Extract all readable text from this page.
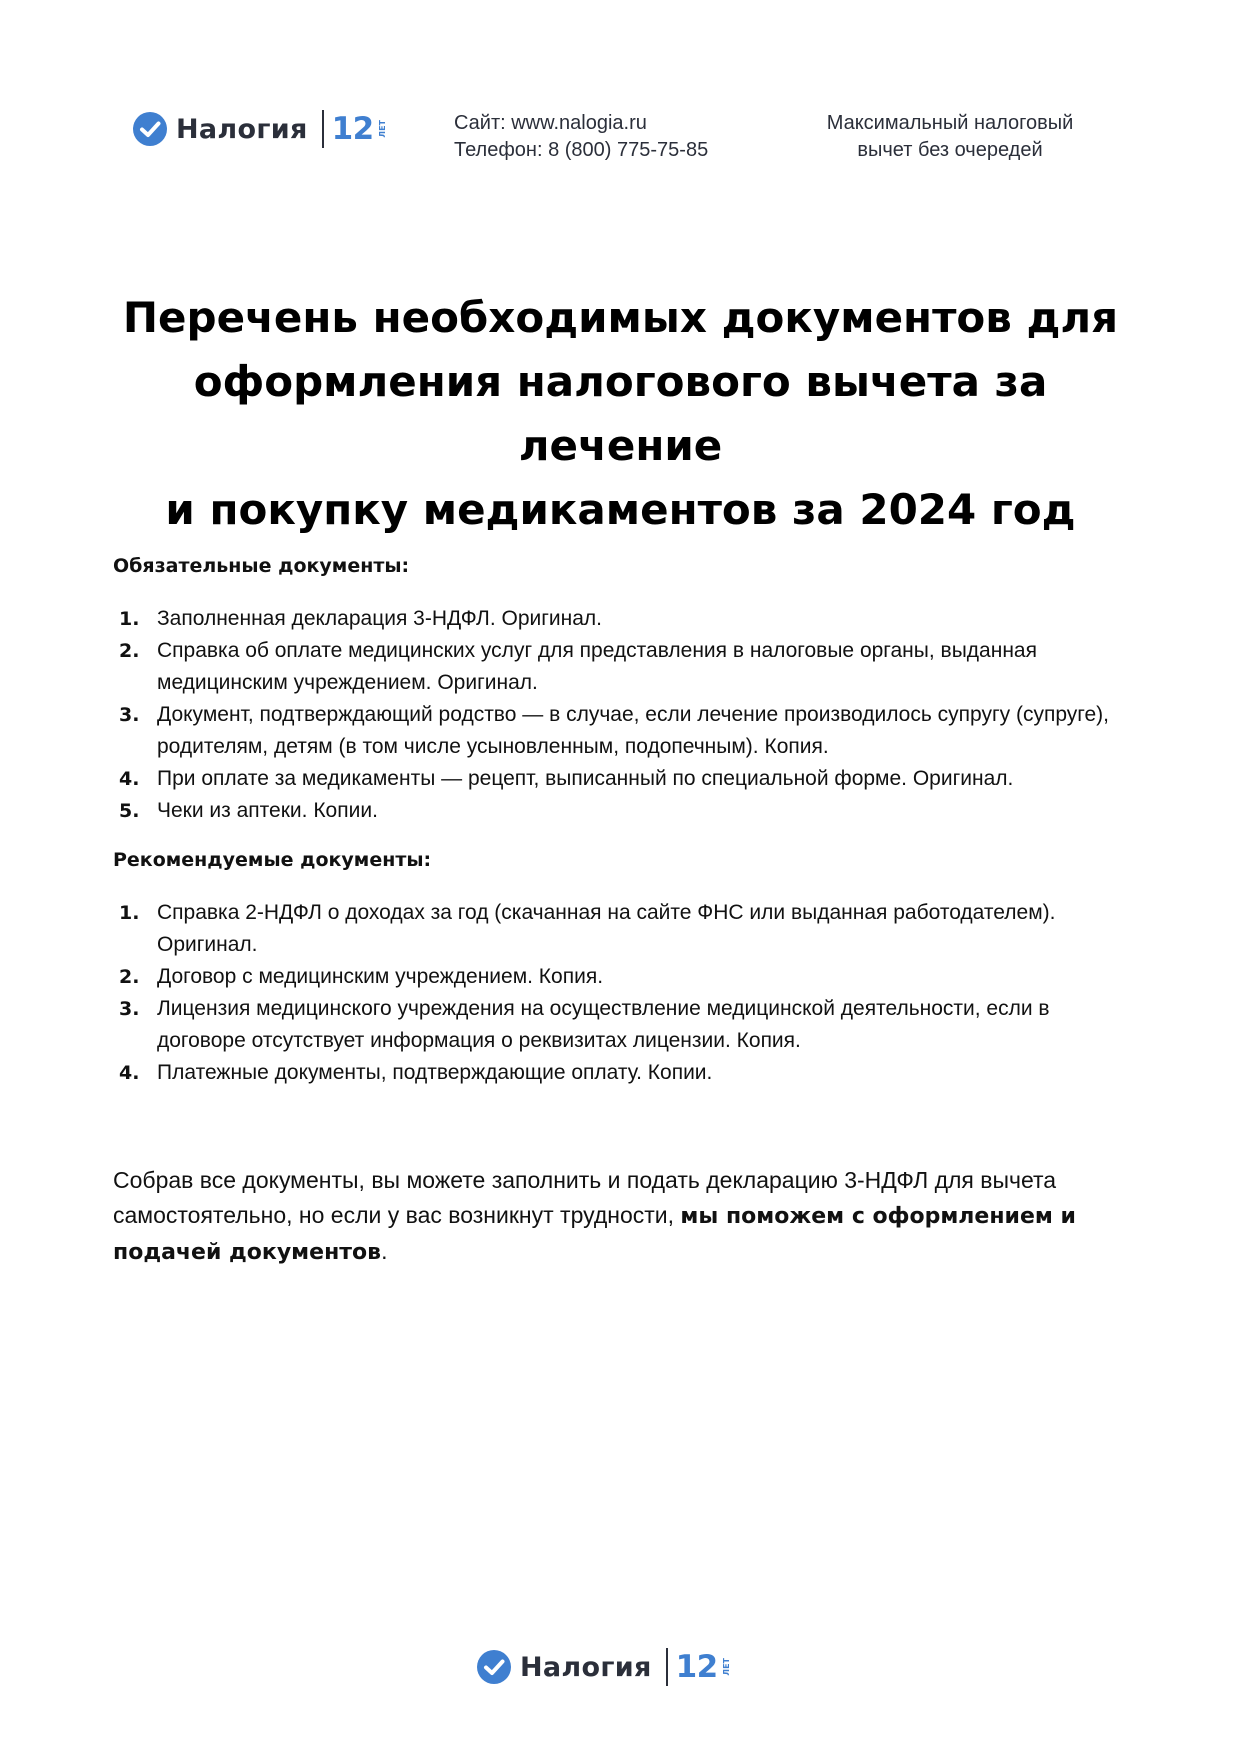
Налогия 12 ЛЕТ	Сайт: www.nalogia.ru
Телефон: 8 (800) 775-75-85
Максимальный налоговый
вычет без очередей
Перечень необходимых документов для
оформления налогового вычета за лечение
и покупку медикаментов за 2024 год
Обязательные документы:
1. Заполненная декларация 3-НДФЛ. Оригинал.
2. Справка об оплате медицинских услуг для представления в налоговые органы, выданная медицинским учреждением. Оригинал.
3. Документ, подтверждающий родство — в случае, если лечение производилось супругу (супруге), родителям, детям (в том числе усыновленным, подопечным). Копия.
4. При оплате за медикаменты — рецепт, выписанный по специальной форме. Оригинал.
5. Чеки из аптеки. Копии.
Рекомендуемые документы:
1. Справка 2-НДФЛ о доходах за год (скачанная на сайте ФНС или выданная работодателем). Оригинал.
2. Договор с медицинским учреждением. Копия.
3. Лицензия медицинского учреждения на осуществление медицинской деятельности, если в договоре отсутствует информация о реквизитах лицензии. Копия.
4. Платежные документы, подтверждающие оплату. Копии.

Собрав все документы, вы можете заполнить и подать декларацию 3-НДФЛ для вычета самостоятельно, но если у вас возникнут трудности, мы поможем с оформлением и подачей документов.

Налогия 12 ЛЕТ
